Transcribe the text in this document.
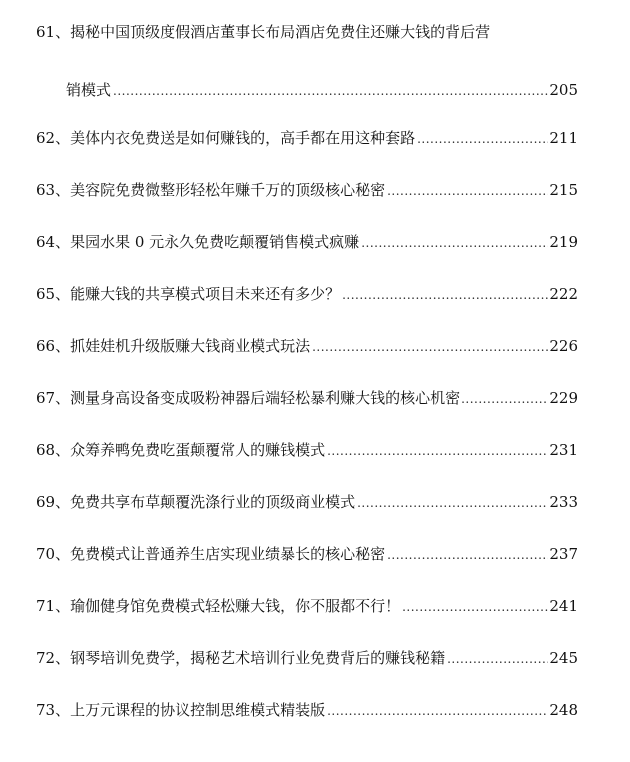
61、揭秘中国顶级度假酒店董事长布局酒店免费住还赚大钱的背后营
销模式 .....	205
62、美体内衣免费送是如何赚钱的，高手都在用这种套路 .....	211
63、美容院免费微整形轻松年赚千万的顶级核心秘密 .....	215
64、果园水果 0 元永久免费吃颠覆销售模式疯赚 .....	219
65、能赚大钱的共享模式项目未来还有多少？ .....	222
66、抓娃娃机升级版赚大钱商业模式玩法 .....	226
67、测量身高设备变成吸粉神器后端轻松暴利赚大钱的核心机密 .....	229
68、众筹养鸭免费吃蛋颠覆常人的赚钱模式 .....	231
69、免费共享布草颠覆洗涤行业的顶级商业模式 .....	233
70、免费模式让普通养生店实现业绩暴长的核心秘密 .....	237
71、瑜伽健身馆免费模式轻松赚大钱，你不服都不行！ .....	241
72、钢琴培训免费学，揭秘艺术培训行业免费背后的赚钱秘籍 .....	245
73、上万元课程的协议控制思维模式精装版 .....	248
